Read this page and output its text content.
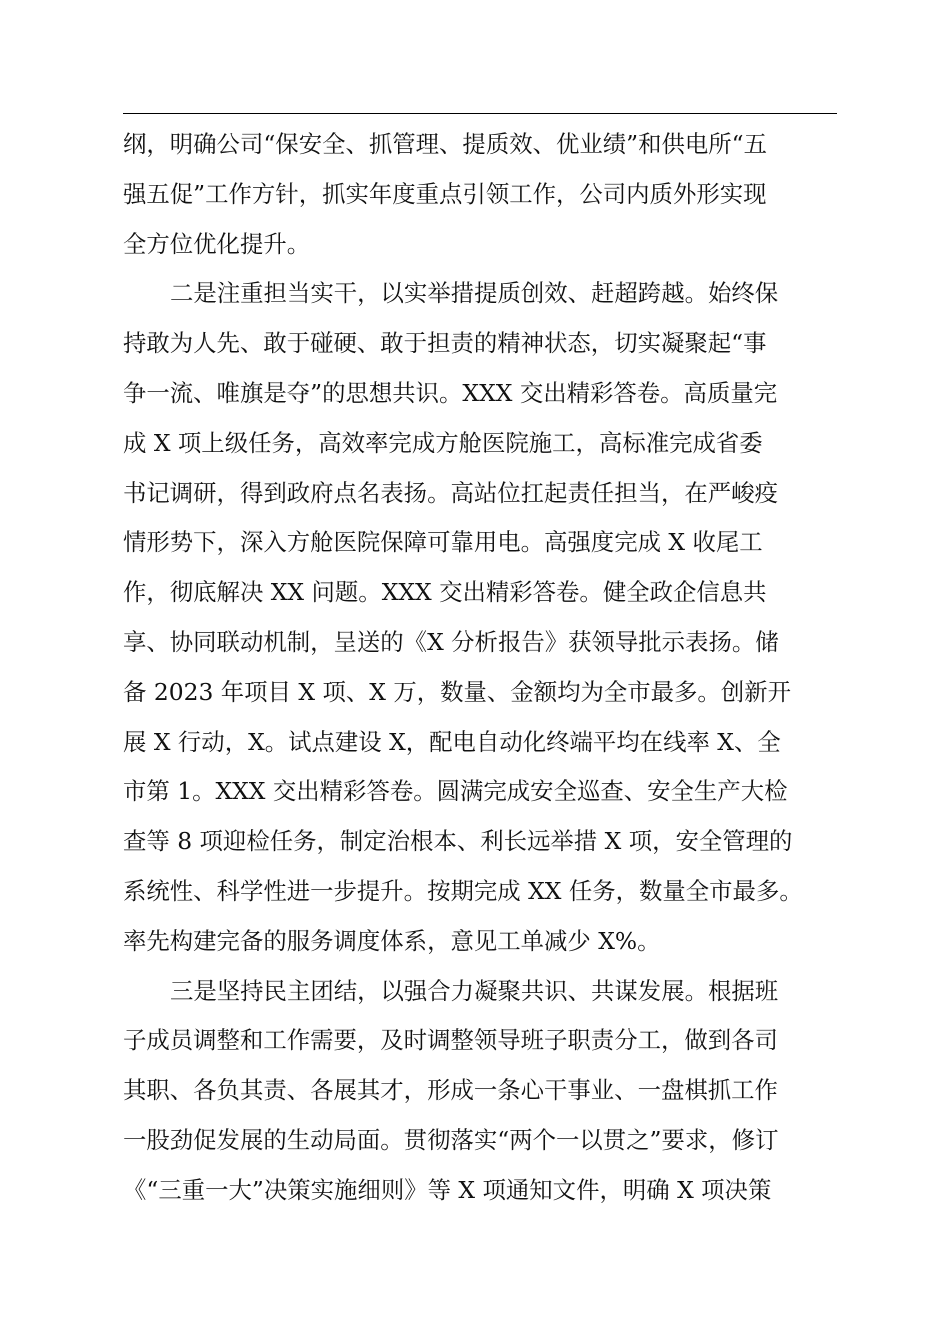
纲，明确公司“保安全、抓管理、提质效、优业绩”和供电所“五
强五促”工作方针，抓实年度重点引领工作，公司内质外形实现
全方位优化提升。
二是注重担当实干，以实举措提质创效、赶超跨越。始终保
持敢为人先、敢于碰硬、敢于担责的精神状态，切实凝聚起“事
争一流、唯旗是夺”的思想共识。XXX 交出精彩答卷。高质量完
成 X 项上级任务，高效率完成方舱医院施工，高标准完成省委
书记调研，得到政府点名表扬。高站位扛起责任担当，在严峻疫
情形势下，深入方舱医院保障可靠用电。高强度完成 X 收尾工
作，彻底解决 XX 问题。XXX 交出精彩答卷。健全政企信息共
享、协同联动机制，呈送的《X 分析报告》获领导批示表扬。储
备 2023 年项目 X 项、X 万，数量、金额均为全市最多。创新开
展 X 行动，X。试点建设 X，配电自动化终端平均在线率 X、全
市第 1。XXX 交出精彩答卷。圆满完成安全巡查、安全生产大检
查等 8 项迎检任务，制定治根本、利长远举措 X 项，安全管理的
系统性、科学性进一步提升。按期完成 XX 任务，数量全市最多。
率先构建完备的服务调度体系，意见工单减少 X%。
三是坚持民主团结，以强合力凝聚共识、共谋发展。根据班
子成员调整和工作需要，及时调整领导班子职责分工，做到各司
其职、各负其责、各展其才，形成一条心干事业、一盘棋抓工作
一股劲促发展的生动局面。贯彻落实“两个一以贯之”要求，修订
《“三重一大”决策实施细则》等 X 项通知文件，明确 X 项决策
